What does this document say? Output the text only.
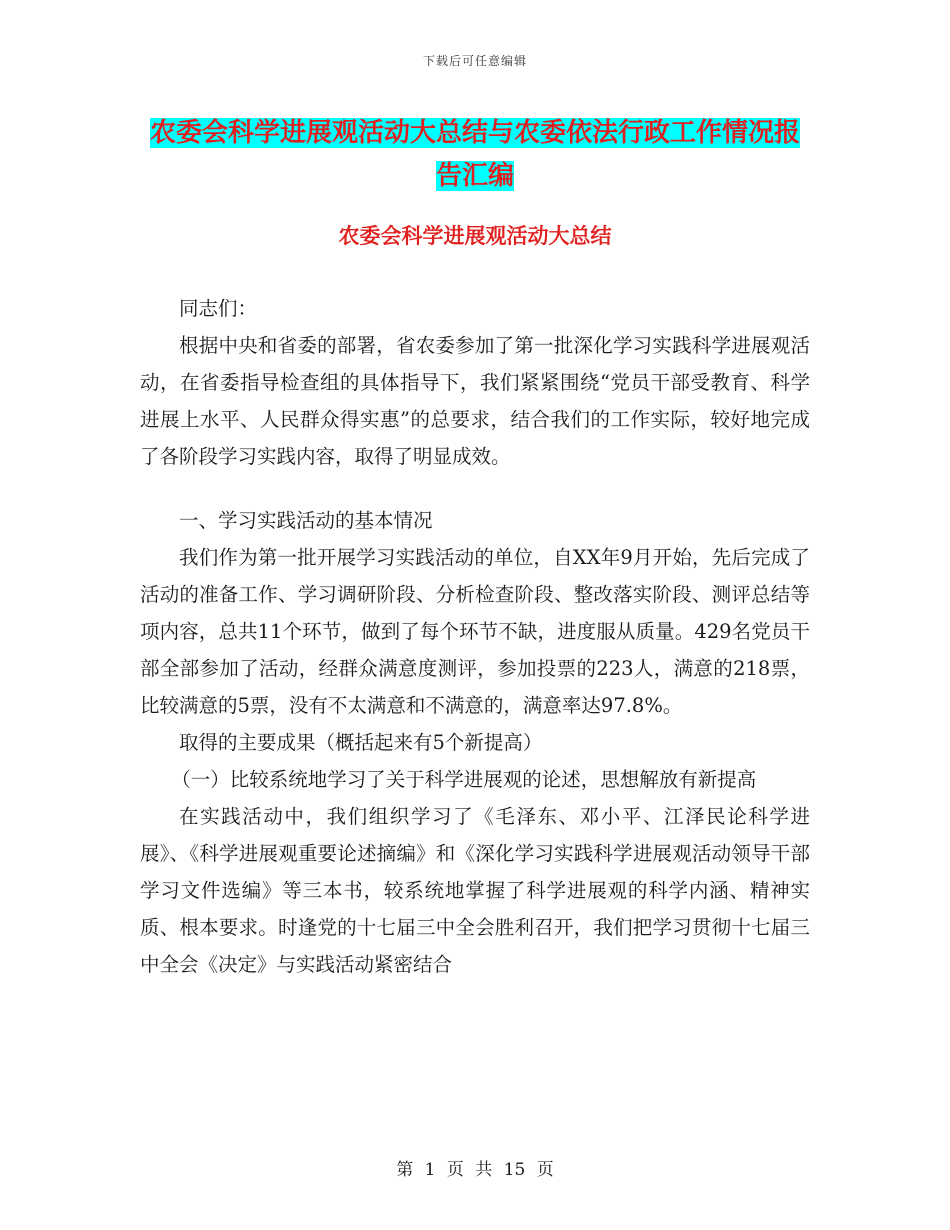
下载后可任意编辑
农委会科学进展观活动大总结与农委依法行政工作情况报告汇编
农委会科学进展观活动大总结

同志们：

根据中央和省委的部署，省农委参加了第一批深化学习实践科学进展观活动，在省委指导检查组的具体指导下，我们紧紧围绕“党员干部受教育、科学进展上水平、人民群众得实惠”的总要求，结合我们的工作实际，较好地完成了各阶段学习实践内容，取得了明显成效。

一、学习实践活动的基本情况

我们作为第一批开展学习实践活动的单位，自XX年9月开始，先后完成了活动的准备工作、学习调研阶段、分析检查阶段、整改落实阶段、测评总结等项内容，总共11个环节，做到了每个环节不缺，进度服从质量。429名党员干部全部参加了活动，经群众满意度测评，参加投票的223人，满意的218票，比较满意的5票，没有不太满意和不满意的，满意率达97.8%。

取得的主要成果（概括起来有5个新提高）

（一）比较系统地学习了关于科学进展观的论述，思想解放有新提高

在实践活动中，我们组织学习了《毛泽东、邓小平、江泽民论科学进展》、《科学进展观重要论述摘编》和《深化学习实践科学进展观活动领导干部学习文件选编》等三本书，较系统地掌握了科学进展观的科学内涵、精神实质、根本要求。时逢党的十七届三中全会胜利召开，我们把学习贯彻十七届三中全会《决定》与实践活动紧密结合

第 1 页 共 15 页
